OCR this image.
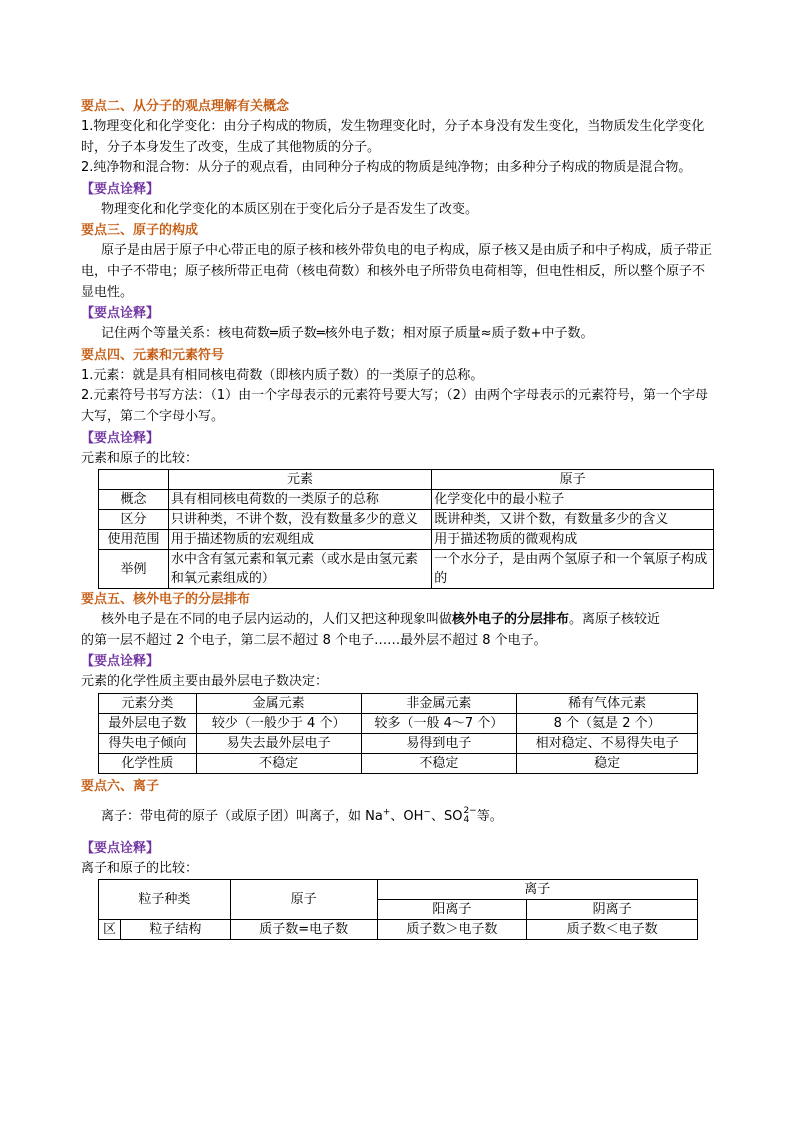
要点二、从分子的观点理解有关概念
1.物理变化和化学变化：由分子构成的物质，发生物理变化时，分子本身没有发生变化，当物质发生化学变化时，分子本身发生了改变，生成了其他物质的分子。
2.纯净物和混合物：从分子的观点看，由同种分子构成的物质是纯净物；由多种分子构成的物质是混合物。
【要点诠释】
物理变化和化学变化的本质区别在于变化后分子是否发生了改变。
要点三、原子的构成
原子是由居于原子中心带正电的原子核和核外带负电的电子构成，原子核又是由质子和中子构成，质子带正电，中子不带电；原子核所带正电荷（核电荷数）和核外电子所带负电荷相等，但电性相反，所以整个原子不显电性。
【要点诠释】
记住两个等量关系：核电荷数═质子数═核外电子数；相对原子质量≈质子数+中子数。
要点四、元素和元素符号
1.元素：就是具有相同核电荷数（即核内质子数）的一类原子的总称。
2.元素符号书写方法：（1）由一个字母表示的元素符号要大写；（2）由两个字母表示的元素符号，第一个字母大写，第二个字母小写。
【要点诠释】
元素和原子的比较：
	元素	原子
概念	具有相同核电荷数的一类原子的总称	化学变化中的最小粒子
区分	只讲种类，不讲个数，没有数量多少的意义	既讲种类，又讲个数，有数量多少的含义
使用范围	用于描述物质的宏观组成	用于描述物质的微观构成
举例	水中含有氢元素和氧元素（或水是由氢元素和氧元素组成的）	一个水分子，是由两个氢原子和一个氧原子构成的
要点五、核外电子的分层排布
核外电子是在不同的电子层内运动的，人们又把这种现象叫做核外电子的分层排布。离原子核较近
的第一层不超过 2 个电子，第二层不超过 8 个电子……最外层不超过 8 个电子。
【要点诠释】
元素的化学性质主要由最外层电子数决定：
元素分类	金属元素	非金属元素	稀有气体元素
最外层电子数	较少（一般少于 4 个）	较多（一般 4～7 个）	8 个（氦是 2 个）
得失电子倾向	易失去最外层电子	易得到电子	相对稳定、不易得失电子
化学性质	不稳定	不稳定	稳定
要点六、离子
离子：带电荷的原子（或原子团）叫离子，如 Na+、OH−、SO 2−
4 等。
【要点诠释】
离子和原子的比较：
粒子种类		原子	离子	
			阳离子	阴离子
区	粒子结构	质子数=电子数	质子数＞电子数	质子数＜电子数
